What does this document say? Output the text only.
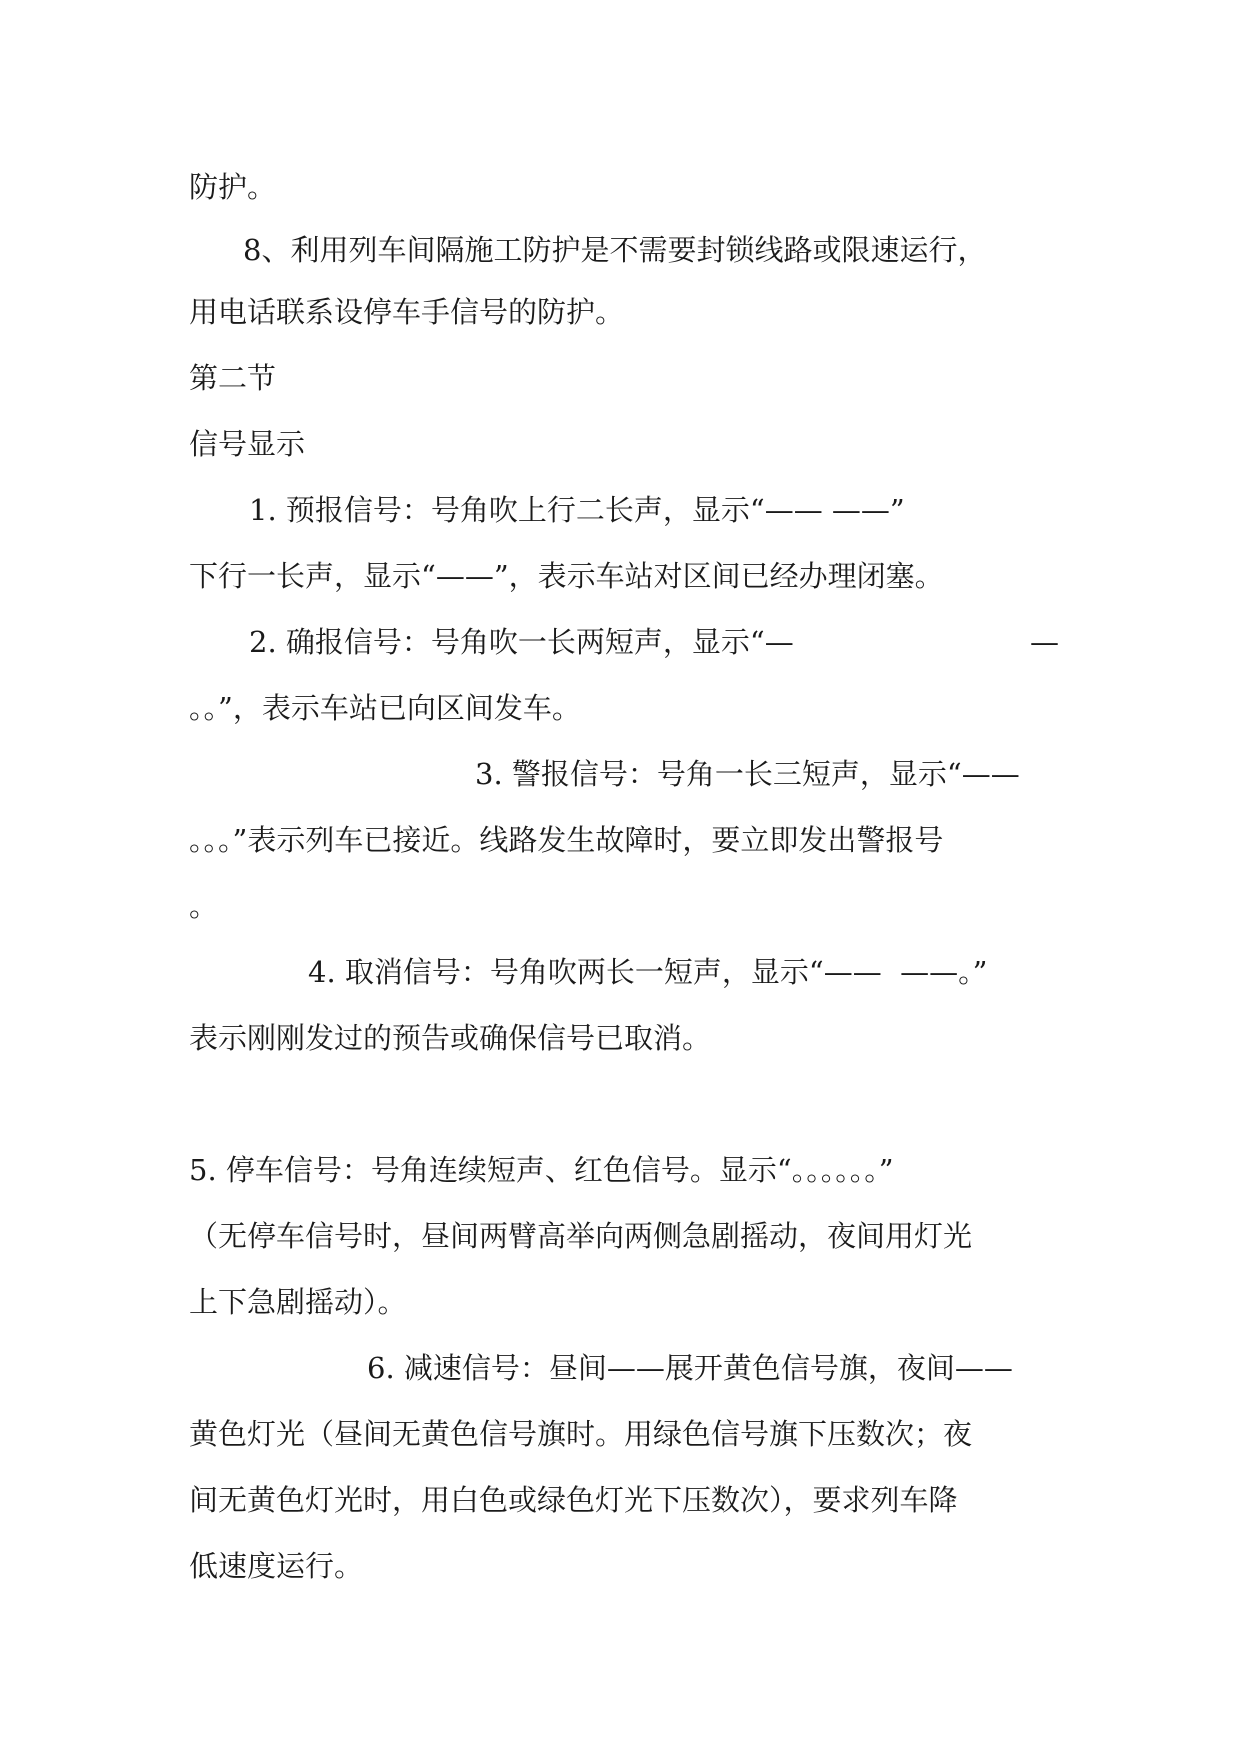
防护。
8、利用列车间隔施工防护是不需要封锁线路或限速运行，
用电话联系设停车手信号的防护。
第二节
信号显示
1. 预报信号：号角吹上行二长声，显示“—— ——”
下行一长声，显示“——”，表示车站对区间已经办理闭塞。

2. 确报信号：号角吹一长两短声，显示“—

	—

。。”，表示车站已向区间发车。
3. 警报信号：号角一长三短声，显示“——
。。。”表示列车已接近。线路发生故障时，要立即发出警报号
。
4. 取消信号：号角吹两长一短声，显示“——  ——。”
表示刚刚发过的预告或确保信号已取消。
5. 停车信号：号角连续短声、红色信号。显示“。。。。。。”
（无停车信号时，昼间两臂高举向两侧急剧摇动，夜间用灯光
上下急剧摇动）。
6. 减速信号：昼间——展开黄色信号旗，夜间——
黄色灯光（昼间无黄色信号旗时。用绿色信号旗下压数次；夜
间无黄色灯光时，用白色或绿色灯光下压数次），要求列车降
低速度运行。
